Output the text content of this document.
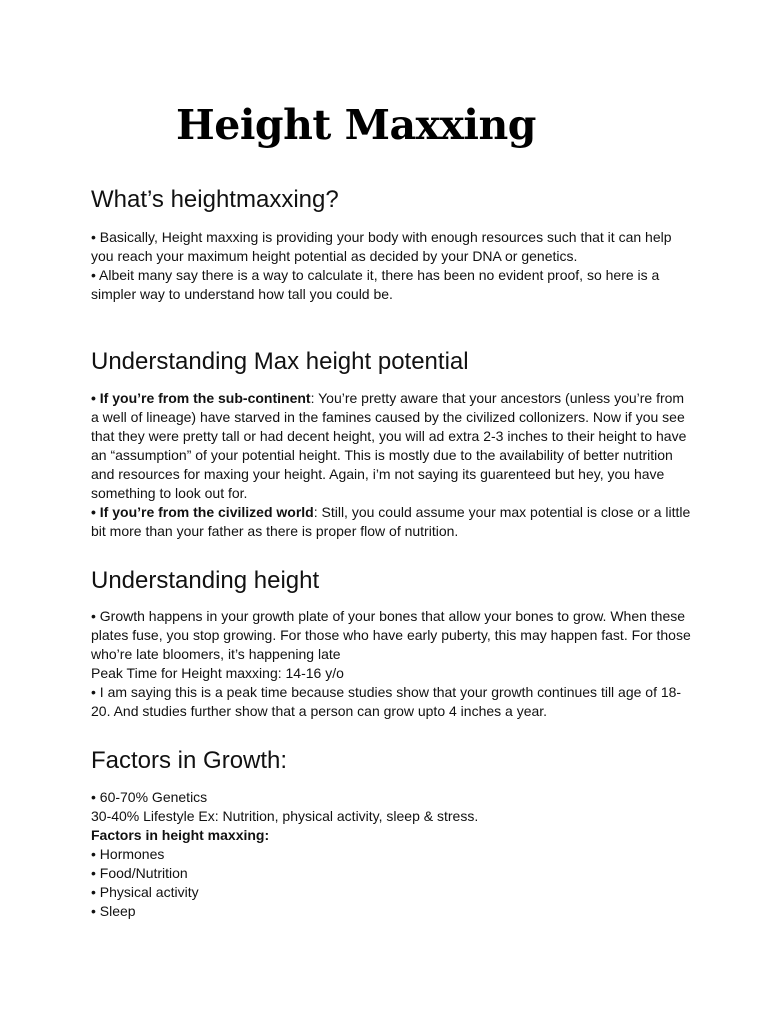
Height Maxxing
What’s heightmaxxing?
• Basically, Height maxxing is providing your body with enough resources such that it can help you reach your maximum height potential as decided by your DNA or genetics.
• Albeit many say there is a way to calculate it, there has been no evident proof, so here is a simpler way to understand how tall you could be.
Understanding Max height potential
• If you’re from the sub-continent: You’re pretty aware that your ancestors (unless you’re from a well of lineage) have starved in the famines caused by the civilized collonizers. Now if you see that they were pretty tall or had decent height, you will ad extra 2-3 inches to their height to have an “assumption” of your potential height. This is mostly due to the availability of better nutrition and resources for maxing your height. Again, i’m not saying its guarenteed but hey, you have something to look out for.
• If you’re from the civilized world: Still, you could assume your max potential is close or a little bit more than your father as there is proper flow of nutrition.
Understanding height
• Growth happens in your growth plate of your bones that allow your bones to grow. When these plates fuse, you stop growing. For those who have early puberty, this may happen fast. For those who’re late bloomers, it’s happening late
Peak Time for Height maxxing: 14-16 y/o
• I am saying this is a peak time because studies show that your growth continues till age of 18-20. And studies further show that a person can grow upto 4 inches a year.
Factors in Growth:
• 60-70% Genetics
30-40% Lifestyle Ex: Nutrition, physical activity, sleep & stress.
Factors in height maxxing:
• Hormones
• Food/Nutrition
• Physical activity
• Sleep
